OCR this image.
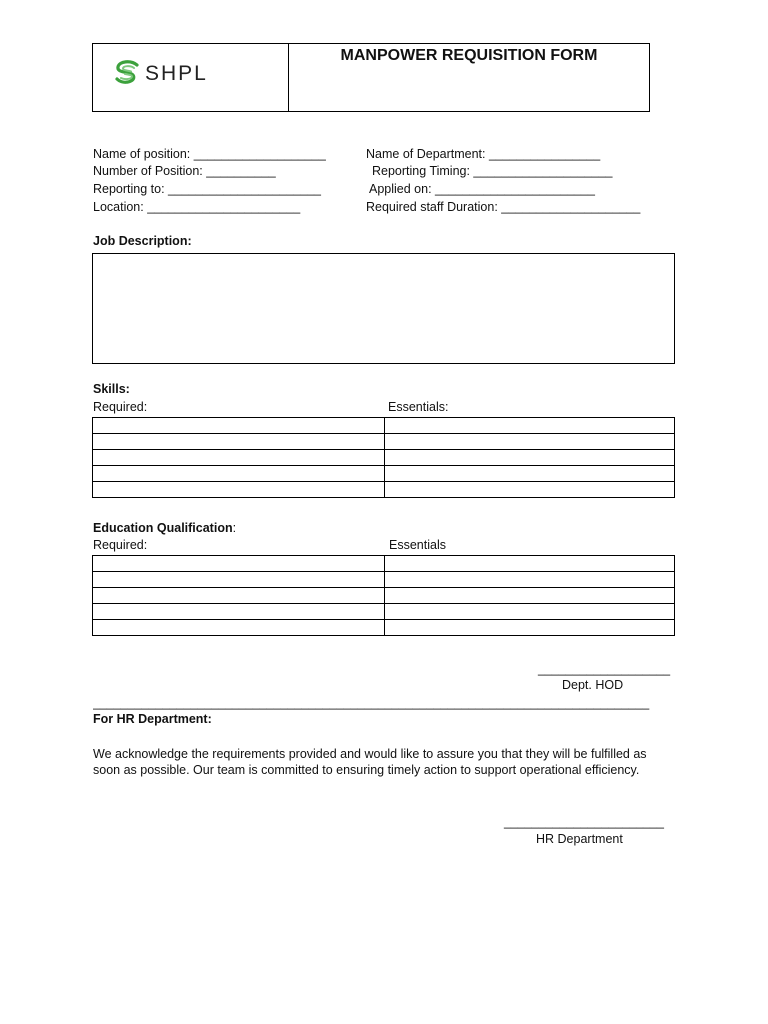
SHPL
MANPOWER REQUISITION FORM
Name of position: ___________________	Name of Department: ________________
Number of Position: __________	Reporting Timing: ____________________
Reporting to: ______________________	Applied on: _______________________
Location: ______________________	Required staff Duration: ____________________
Job Description:
Skills:
Required:	Essentials:

Education Qualification:
Required:	Essentials

___________________
Dept. HOD
________________________________________________________________________________
For HR Department:
We acknowledge the requirements provided and would like to assure you that they will be fulfilled as soon as possible. Our team is committed to ensuring timely action to support operational efficiency.
_______________________
HR Department
